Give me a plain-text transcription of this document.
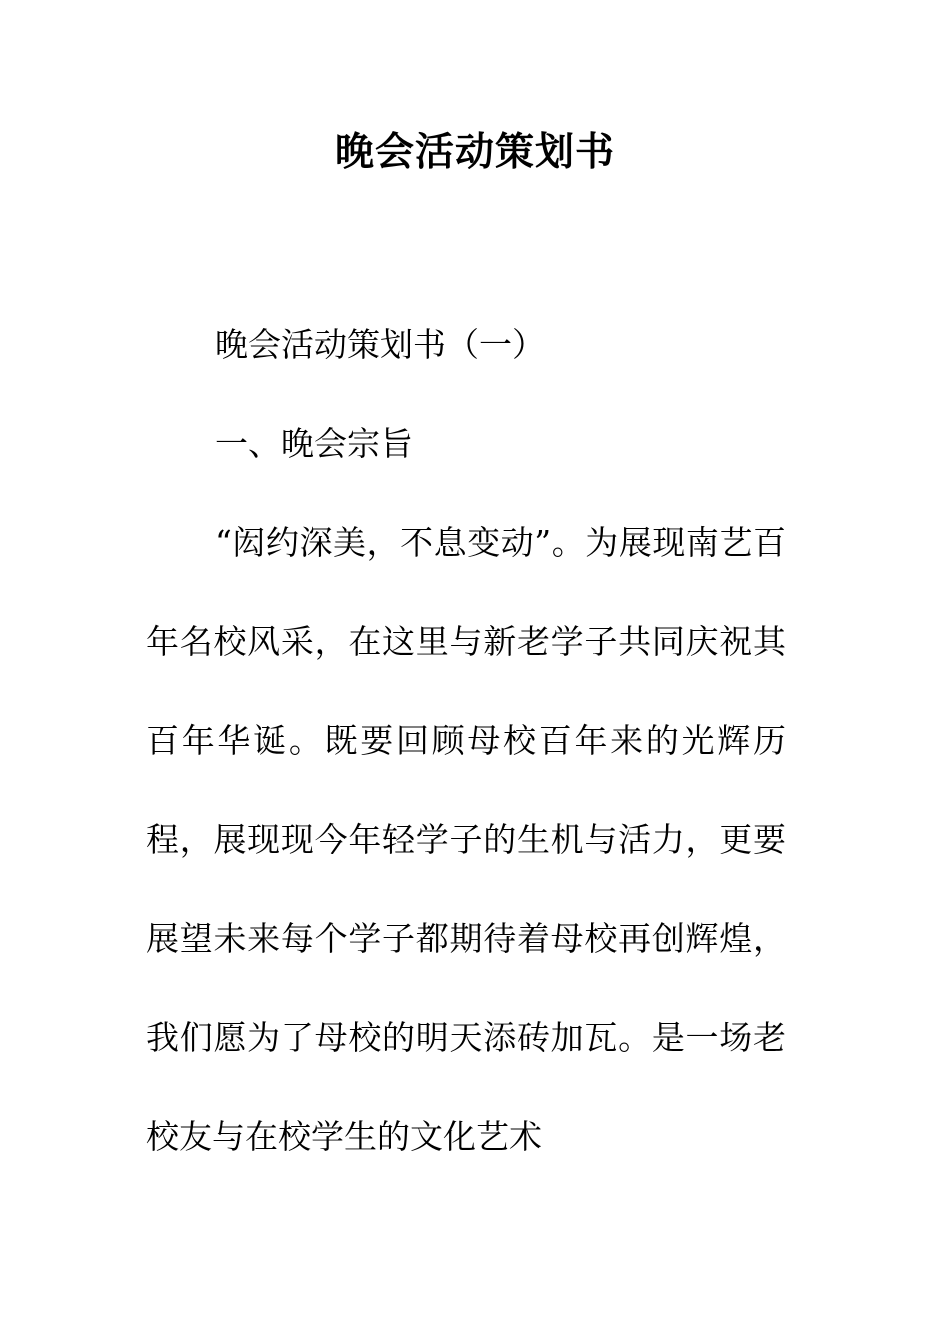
晚会活动策划书

晚会活动策划书（一）

一、晚会宗旨

“闳约深美，不息变动”。为展现南艺百年名校风采，在这里与新老学子共同庆祝其百年华诞。既要回顾母校百年来的光辉历程，展现现今年轻学子的生机与活力，更要展望未来每个学子都期待着母校再创辉煌，我们愿为了母校的明天添砖加瓦。是一场老校友与在校学生的文化艺术
